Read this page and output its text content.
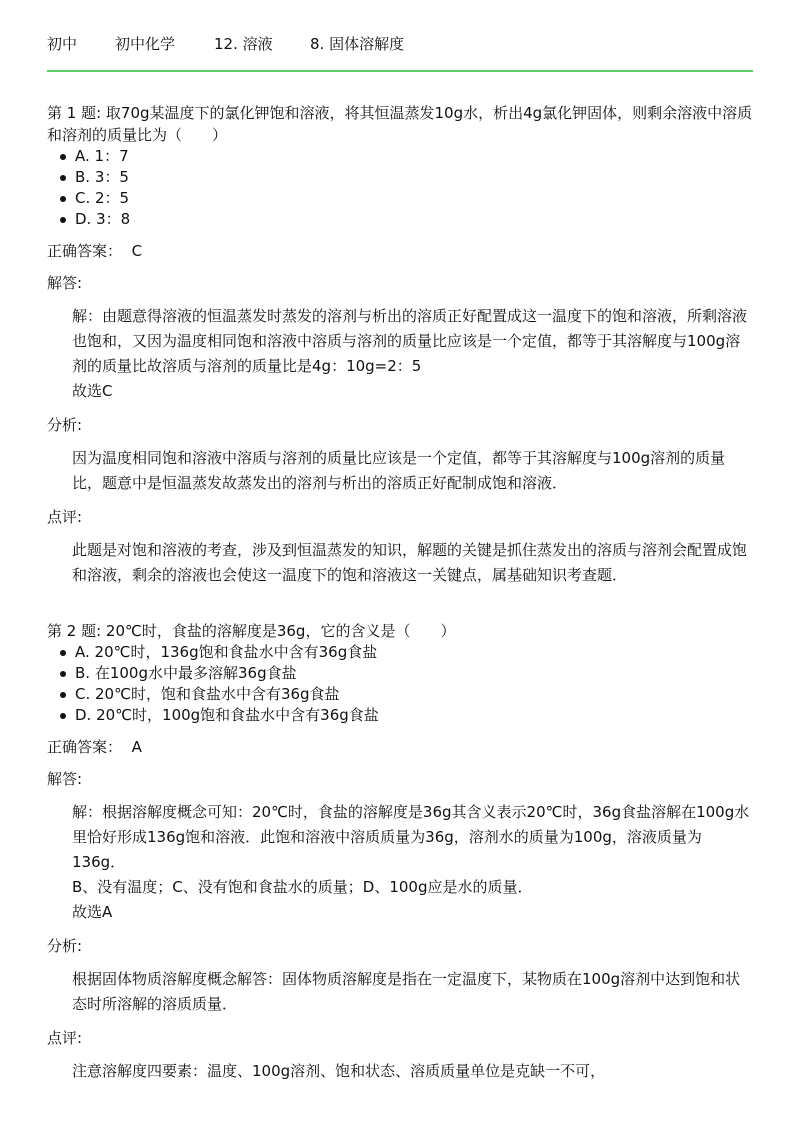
初中	初中化学	12. 溶液	8. 固体溶解度
第 1 题: 取70g某温度下的氯化钾饱和溶液，将其恒温蒸发10g水，析出4g氯化钾固体，则剩余溶液中溶质和溶剂的质量比为（　　）
A. 1：7
B. 3：5
C. 2：5
D. 3：8
正确答案： C
解答:

解：由题意得溶液的恒温蒸发时蒸发的溶剂与析出的溶质正好配置成这一温度下的饱和溶液，所剩溶液也饱和，又因为温度相同饱和溶液中溶质与溶剂的质量比应该是一个定值，都等于其溶解度与100g溶剂的质量比故溶质与溶剂的质量比是4g：10g=2：5

故选C

分析:

因为温度相同饱和溶液中溶质与溶剂的质量比应该是一个定值，都等于其溶解度与100g溶剂的质量比，题意中是恒温蒸发故蒸发出的溶剂与析出的溶质正好配制成饱和溶液．

点评:

此题是对饱和溶液的考查，涉及到恒温蒸发的知识，解题的关键是抓住蒸发出的溶质与溶剂会配置成饱和溶液，剩余的溶液也会使这一温度下的饱和溶液这一关键点，属基础知识考查题．

第 2 题: 20℃时，食盐的溶解度是36g，它的含义是（　　）
A. 20℃时，136g饱和食盐水中含有36g食盐
B. 在100g水中最多溶解36g食盐
C. 20℃时，饱和食盐水中含有36g食盐
D. 20℃时，100g饱和食盐水中含有36g食盐
正确答案： A
解答:

解：根据溶解度概念可知：20℃时，食盐的溶解度是36g其含义表示20℃时，36g食盐溶解在100g水里恰好形成136g饱和溶液．此饱和溶液中溶质质量为36g，溶剂水的质量为100g，溶液质量为136g．

B、没有温度；C、没有饱和食盐水的质量；D、100g应是水的质量．

故选A

分析:

根据固体物质溶解度概念解答：固体物质溶解度是指在一定温度下，某物质在100g溶剂中达到饱和状态时所溶解的溶质质量．

点评:

注意溶解度四要素：温度、100g溶剂、饱和状态、溶质质量单位是克缺一不可，
